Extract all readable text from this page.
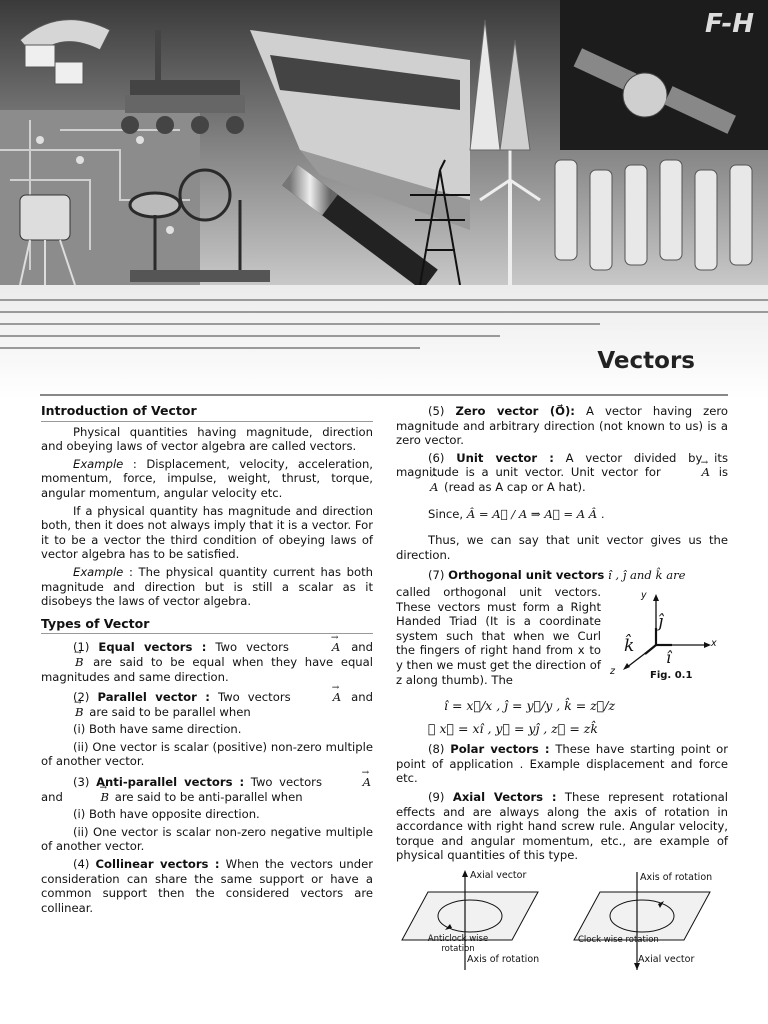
F-H
Vectors
Introduction of Vector

Physical quantities having magnitude, direction and obeying laws of vector algebra are called vectors.

Example : Displacement, velocity, acceleration, momentum, force, impulse, weight, thrust, torque, angular momentum, angular velocity etc.

If a physical quantity has magnitude and direction both, then it does not always imply that it is a vector. For it to be a vector the third condition of obeying laws of vector algebra has to be satisfied.

Example : The physical quantity current has both magnitude and direction but is still a scalar as it disobeys the laws of vector algebra.

Types of Vector

(1) Equal vectors : Two vectors	→ A and → B are said to be equal when they have equal magnitudes and same direction.

(2) Parallel vector : Two vectors	→ A and → B are said to be parallel when

(i) Both have same direction.

(ii) One vector is scalar (positive) non-zero multiple of another vector.

(3) Anti-parallel vectors : Two vectors	→ A and	→ B are said to be anti-parallel when

(i) Both have opposite direction.

(ii) One vector is scalar non-zero negative multiple of another vector.

(4) Collinear vectors : When the vectors under consideration can share the same support or have a common support then the considered vectors are collinear.

(5) Zero vector (O⃗): A vector having zero magnitude and arbitrary direction (not known to us) is a zero vector.

(6) Unit vector : A vector divided by its magnitude is a unit vector. Unit vector for	→ A is ^ A (read as A cap or A hat).

Since, Â = A⃗ / A ⇒ A⃗ = A Â .

Thus, we can say that unit vector gives us the direction.

(7) Orthogonal unit vectors î , ĵ and k̂ are

called orthogonal unit vectors. These vectors must form a Right Handed Triad (It is a coordinate system such that when we Curl the fingers of right hand from x to y then we must get the direction of z along thumb). The

î = x⃗/x , ĵ = y⃗/y , k̂ = z⃗/z

∴ x⃗ = xî , y⃗ = yĵ , z⃗ = zk̂

(8) Polar vectors : These have starting point or point of application . Example displacement and force etc.

(9) Axial Vectors : These represent rotational effects and are always along the axis of rotation in accordance with right hand screw rule. Angular velocity, torque and angular momentum, etc., are example of physical quantities of this type.

y
x
z
ĵ
î
k̂
Fig. 0.1
Axial vector
Anticlock wise rotation
Axis of rotation
Axis of rotation
Clock wise rotation
Axial vector
